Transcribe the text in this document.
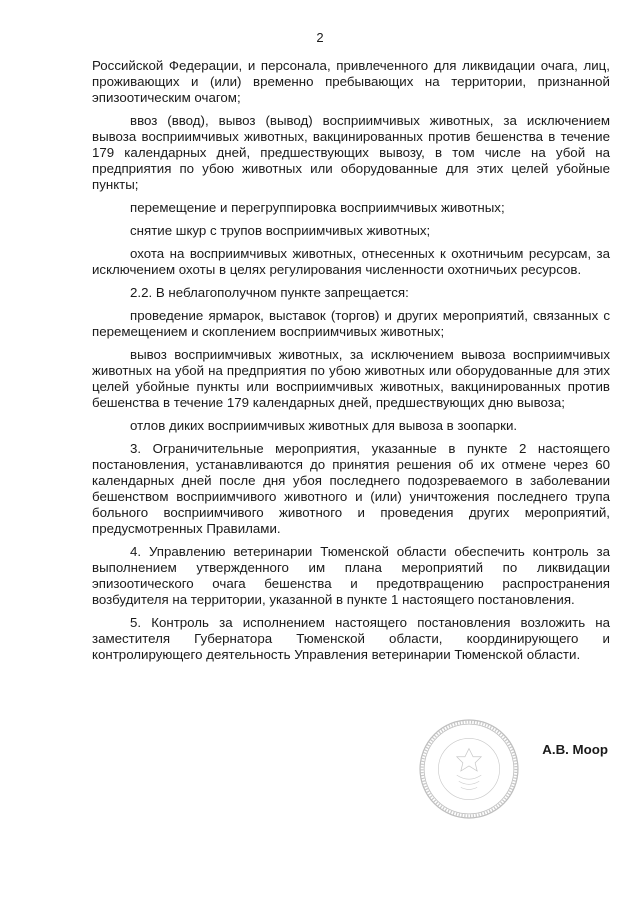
2

Российской Федерации, и персонала, привлеченного для ликвидации очага, лиц, проживающих и (или) временно пребывающих на территории, признанной эпизоотическим очагом;

ввоз (ввод), вывоз (вывод) восприимчивых животных, за исключением вывоза восприимчивых животных, вакцинированных против бешенства в течение 179 календарных дней, предшествующих вывозу, в том числе на убой на предприятия по убою животных или оборудованные для этих целей убойные пункты;

перемещение и перегруппировка восприимчивых животных;

снятие шкур с трупов восприимчивых животных;

охота на восприимчивых животных, отнесенных к охотничьим ресурсам, за исключением охоты в целях регулирования численности охотничьих ресурсов.

2.2. В неблагополучном пункте запрещается:

проведение ярмарок, выставок (торгов) и других мероприятий, связанных с перемещением и скоплением восприимчивых животных;

вывоз восприимчивых животных, за исключением вывоза восприимчивых животных на убой на предприятия по убою животных или оборудованные для этих целей убойные пункты или восприимчивых животных, вакцинированных против бешенства в течение 179 календарных дней, предшествующих дню вывоза;

отлов диких восприимчивых животных для вывоза в зоопарки.

3. Ограничительные мероприятия, указанные в пункте 2 настоящего постановления, устанавливаются до принятия решения об их отмене через 60 календарных дней после дня убоя последнего подозреваемого в заболевании бешенством восприимчивого животного и (или) уничтожения последнего трупа больного восприимчивого животного и проведения других мероприятий, предусмотренных Правилами.

4. Управлению ветеринарии Тюменской области обеспечить контроль за выполнением утвержденного им плана мероприятий по ликвидации эпизоотического очага бешенства и предотвращению распространения возбудителя на территории, указанной в пункте 1 настоящего постановления.

5. Контроль за исполнением настоящего постановления возложить на заместителя Губернатора Тюменской области, координирующего и контролирующего деятельность Управления ветеринарии Тюменской области.

А.В. Моор
